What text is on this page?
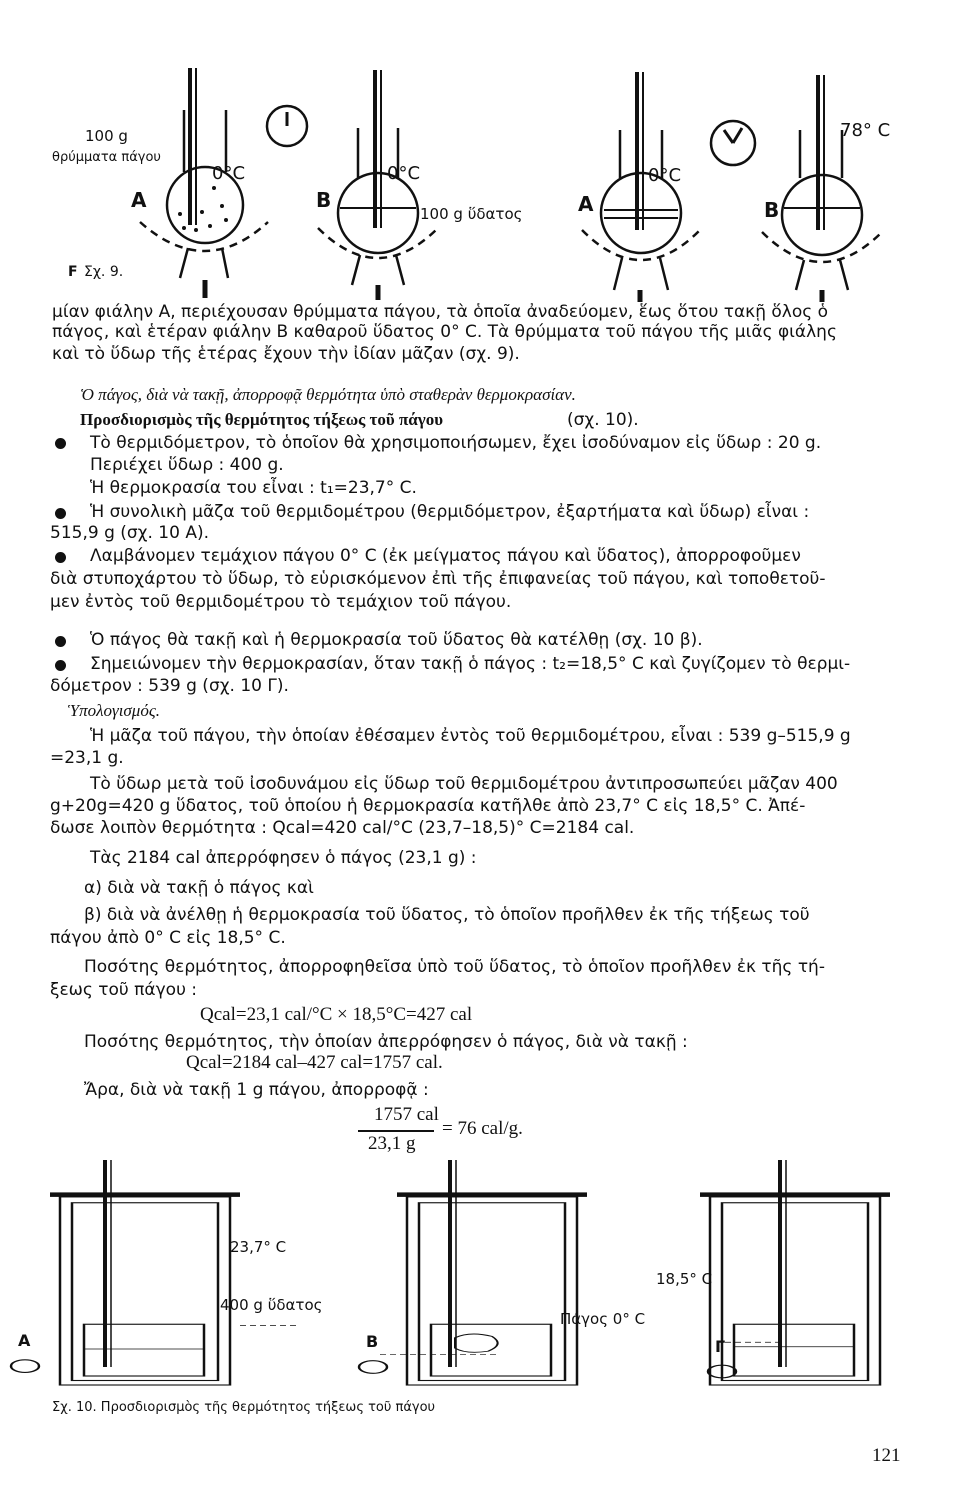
100 g
θρύμματα πάγου
A
0°C
B
0°C
100 g ὕδατος	A
0°C
78° C
B
F Σχ. 9.
μίαν φιάλην Α, περιέχουσαν θρύμματα πάγου, τὰ ὁποῖα ἀναδεύομεν, ἕως ὅτου τακῇ ὅλος ὁ
πάγος, καὶ ἑτέραν φιάλην Β καθαροῦ ὕδατος 0° C. Τὰ θρύμματα τοῦ πάγου τῆς μιᾶς φιάλης
καὶ τὸ ὕδωρ τῆς ἑτέρας ἔχουν τὴν ἰδίαν μᾶζαν (σχ. 9).
Ὁ πάγος, διὰ νὰ τακῇ, ἀπορροφᾷ θερμότητα ὑπὸ σταθερὰν θερμοκρασίαν.
Προσδιορισμὸς τῆς θερμότητος τήξεως τοῦ πάγου	(σχ. 10).
Τὸ θερμιδόμετρον, τὸ ὁποῖον θὰ χρησιμοποιήσωμεν, ἔχει ἰσοδύναμον εἰς ὕδωρ : 20 g.
Περιέχει ὕδωρ : 400 g.
Ἡ θερμοκρασία του εἶναι : t₁=23,7° C.
Ἡ συνολικὴ μᾶζα τοῦ θερμιδομέτρου (θερμιδόμετρον, ἐξαρτήματα καὶ ὕδωρ) εἶναι :
515,9 g (σχ. 10 A).
Λαμβάνομεν τεμάχιον πάγου 0° C (ἐκ μείγματος πάγου καὶ ὕδατος), ἀπορροφοῦμεν
διὰ στυποχάρτου τὸ ὕδωρ, τὸ εὑρισκόμενον ἐπὶ τῆς ἐπιφανείας τοῦ πάγου, καὶ τοποθετοῦ-
μεν ἐντὸς τοῦ θερμιδομέτρου τὸ τεμάχιον τοῦ πάγου.
Ὁ πάγος θὰ τακῇ καὶ ἡ θερμοκρασία τοῦ ὕδατος θὰ κατέλθῃ (σχ. 10 β).
Σημειώνομεν τὴν θερμοκρασίαν, ὅταν τακῇ ὁ πάγος : t₂=18,5° C καὶ ζυγίζομεν τὸ θερμι-
δόμετρον : 539 g (σχ. 10 Γ).
Ὑπολογισμός.
Ἡ μᾶζα τοῦ πάγου, τὴν ὁποίαν ἐθέσαμεν ἐντὸς τοῦ θερμιδομέτρου, εἶναι : 539 g–515,9 g
=23,1 g.
Τὸ ὕδωρ μετὰ τοῦ ἰσοδυνάμου εἰς ὕδωρ τοῦ θερμιδομέτρου ἀντιπροσωπεύει μᾶζαν 400
g+20g=420 g ὕδατος, τοῦ ὁποίου ἡ θερμοκρασία κατῆλθε ἀπὸ 23,7° C εἰς 18,5° C. Ἀπέ-
δωσε λοιπὸν θερμότητα : Qcal=420 cal/°C (23,7–18,5)° C=2184 cal.
Τὰς 2184 cal ἀπερρόφησεν ὁ πάγος (23,1 g) :
α) διὰ νὰ τακῇ ὁ πάγος καὶ
β) διὰ νὰ ἀνέλθῃ ἡ θερμοκρασία τοῦ ὕδατος, τὸ ὁποῖον προῆλθεν ἐκ τῆς τήξεως τοῦ
πάγου ἀπὸ 0° C εἰς 18,5° C.
Ποσότης θερμότητος, ἀπορροφηθεῖσα ὑπὸ τοῦ ὕδατος, τὸ ὁποῖον προῆλθεν ἐκ τῆς τή-
ξεως τοῦ πάγου :
Qcal=23,1 cal/°C × 18,5°C=427 cal
Ποσότης θερμότητος, τὴν ὁποίαν ἀπερρόφησεν ὁ πάγος, διὰ νὰ τακῇ :
Qcal=2184 cal–427 cal=1757 cal.
Ἄρα, διὰ νὰ τακῇ 1 g πάγου, ἀπορροφᾷ :
1757 cal
23,1 g
= 76 cal/g.
23,7° C
400 g ὕδατος
Πάγος 0° C
18,5° C
A	B	Γ
Σχ. 10. Προσδιορισμὸς τῆς θερμότητος τήξεως τοῦ πάγου
121
